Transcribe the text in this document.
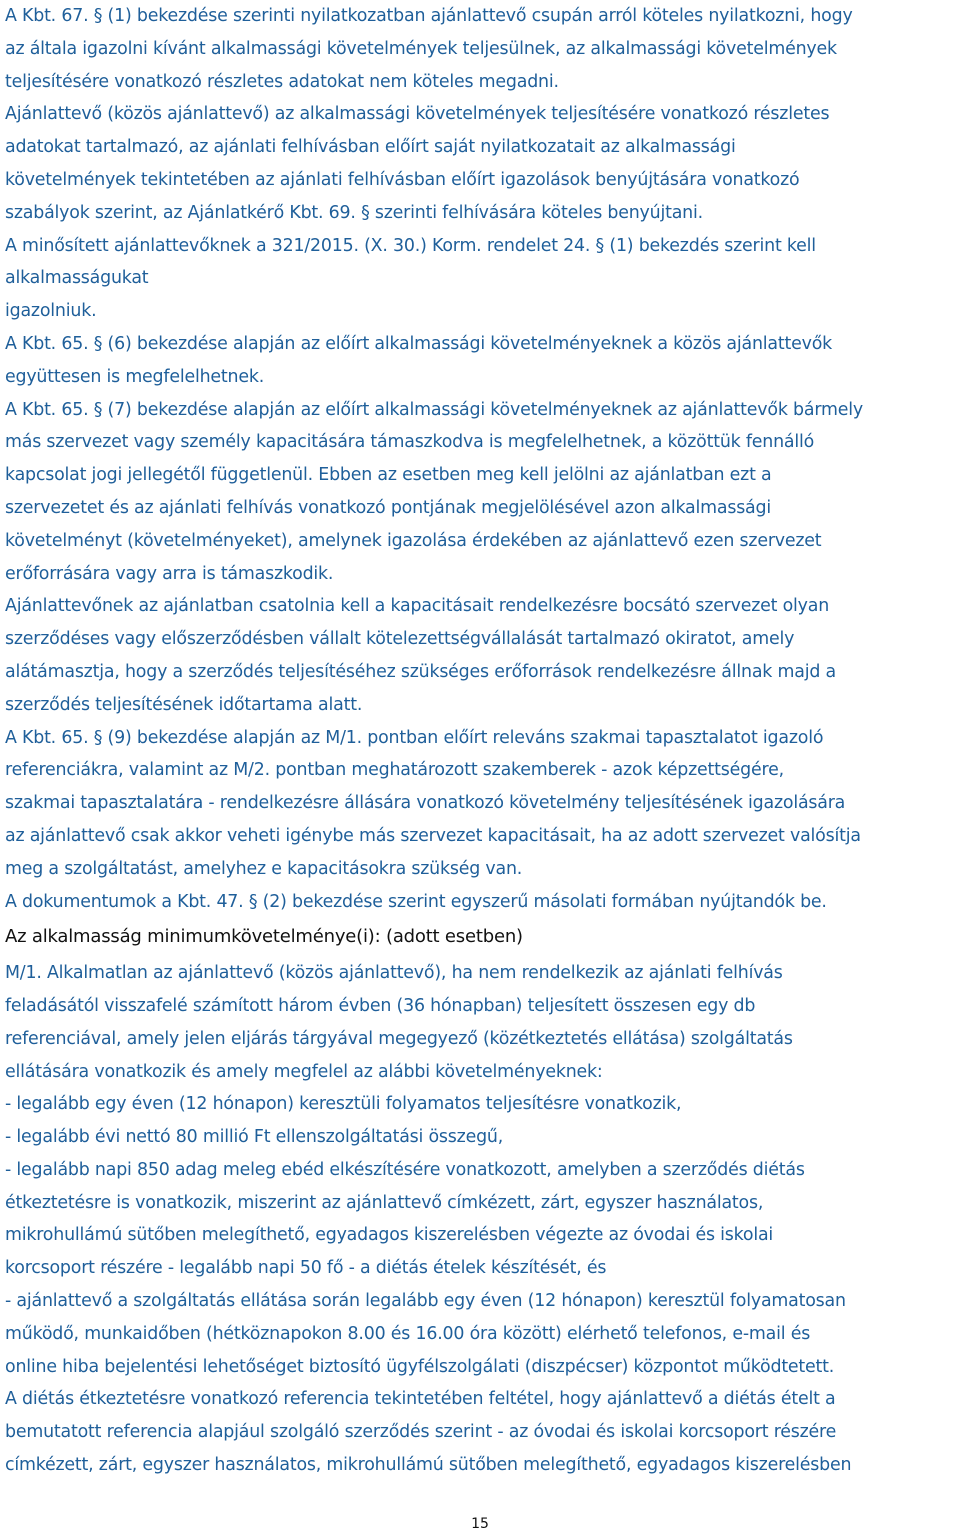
A Kbt. 67. § (1) bekezdése szerinti nyilatkozatban ajánlattevő csupán arról köteles nyilatkozni, hogy
az általa igazolni kívánt alkalmassági követelmények teljesülnek, az alkalmassági követelmények
teljesítésére vonatkozó részletes adatokat nem köteles megadni.
Ajánlattevő (közös ajánlattevő) az alkalmassági követelmények teljesítésére vonatkozó részletes
adatokat tartalmazó, az ajánlati felhívásban előírt saját nyilatkozatait az alkalmassági
követelmények tekintetében az ajánlati felhívásban előírt igazolások benyújtására vonatkozó
szabályok szerint, az Ajánlatkérő Kbt. 69. § szerinti felhívására köteles benyújtani.
A minősített ajánlattevőknek a 321/2015. (X. 30.) Korm. rendelet 24. § (1) bekezdés szerint kell
alkalmasságukat
igazolniuk.
A Kbt. 65. § (6) bekezdése alapján az előírt alkalmassági követelményeknek a közös ajánlattevők
együttesen is megfelelhetnek.
A Kbt. 65. § (7) bekezdése alapján az előírt alkalmassági követelményeknek az ajánlattevők bármely
más szervezet vagy személy kapacitására támaszkodva is megfelelhetnek, a közöttük fennálló
kapcsolat jogi jellegétől függetlenül. Ebben az esetben meg kell jelölni az ajánlatban ezt a
szervezetet és az ajánlati felhívás vonatkozó pontjának megjelölésével azon alkalmassági
követelményt (követelményeket), amelynek igazolása érdekében az ajánlattevő ezen szervezet
erőforrására vagy arra is támaszkodik.
Ajánlattevőnek az ajánlatban csatolnia kell a kapacitásait rendelkezésre bocsátó szervezet olyan
szerződéses vagy előszerződésben vállalt kötelezettségvállalását tartalmazó okiratot, amely
alátámasztja, hogy a szerződés teljesítéséhez szükséges erőforrások rendelkezésre állnak majd a
szerződés teljesítésének időtartama alatt.
A Kbt. 65. § (9) bekezdése alapján az M/1. pontban előírt releváns szakmai tapasztalatot igazoló
referenciákra, valamint az M/2. pontban meghatározott szakemberek - azok képzettségére,
szakmai tapasztalatára - rendelkezésre állására vonatkozó követelmény teljesítésének igazolására
az ajánlattevő csak akkor veheti igénybe más szervezet kapacitásait, ha az adott szervezet valósítja
meg a szolgáltatást, amelyhez e kapacitásokra szükség van.
A dokumentumok a Kbt. 47. § (2) bekezdése szerint egyszerű másolati formában nyújtandók be.
Az alkalmasság minimumkövetelménye(i): (adott esetben)
M/1. Alkalmatlan az ajánlattevő (közös ajánlattevő), ha nem rendelkezik az ajánlati felhívás
feladásától visszafelé számított három évben (36 hónapban) teljesített összesen egy db
referenciával, amely jelen eljárás tárgyával megegyező (közétkeztetés ellátása) szolgáltatás
ellátására vonatkozik és amely megfelel az alábbi követelményeknek:
- legalább egy éven (12 hónapon) keresztüli folyamatos teljesítésre vonatkozik,
- legalább évi nettó 80 millió Ft ellenszolgáltatási összegű,
- legalább napi 850 adag meleg ebéd elkészítésére vonatkozott, amelyben a szerződés diétás
étkeztetésre is vonatkozik, miszerint az ajánlattevő címkézett, zárt, egyszer használatos,
mikrohullámú sütőben melegíthető, egyadagos kiszerelésben végezte az óvodai és iskolai
korcsoport részére - legalább napi 50 fő - a diétás ételek készítését, és
- ajánlattevő a szolgáltatás ellátása során legalább egy éven (12 hónapon) keresztül folyamatosan
működő, munkaidőben (hétköznapokon 8.00 és 16.00 óra között) elérhető telefonos, e-mail és
online hiba bejelentési lehetőséget biztosító ügyfélszolgálati (diszpécser) központot működtetett.
A diétás étkeztetésre vonatkozó referencia tekintetében feltétel, hogy ajánlattevő a diétás ételt a
bemutatott referencia alapjául szolgáló szerződés szerint - az óvodai és iskolai korcsoport részére
címkézett, zárt, egyszer használatos, mikrohullámú sütőben melegíthető, egyadagos kiszerelésben
15
